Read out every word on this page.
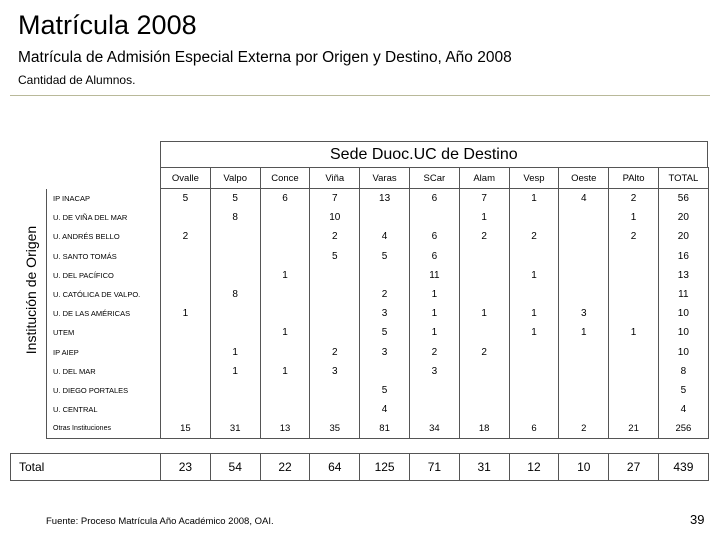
Matrícula 2008
Matrícula de Admisión Especial Externa por Origen y Destino, Año 2008
Cantidad de Alumnos.
Sede Duoc.UC de Destino
Institución de Origen
	Ovalle	Valpo	Conce	Viña	Varas	SCar	Alam	Vesp	Oeste	PAlto	TOTAL
IP INACAP	5	5	6	7	13	6	7	1	4	2	56
U. DE VIÑA DEL MAR		8		10			1			1	20
U. ANDRÉS BELLO	2			2	4	6	2	2		2	20
U. SANTO TOMÁS				5	5	6					16
U. DEL PACÍFICO			1			11		1			13
U. CATÓLICA DE VALPO.		8			2	1					11
U. DE LAS AMÉRICAS	1				3	1	1	1	3		10
UTEM			1		5	1		1	1	1	10
IP AIEP		1		2	3	2	2				10
U. DEL MAR		1	1	3		3					8
U. DIEGO PORTALES					5						5
U. CENTRAL					4						4
Otras Instituciones	15	31	13	35	81	34	18	6	2	21	256
Total	23	54	22	64	125	71	31	12	10	27	439
Fuente: Proceso Matrícula Año Académico 2008, OAI.	39
